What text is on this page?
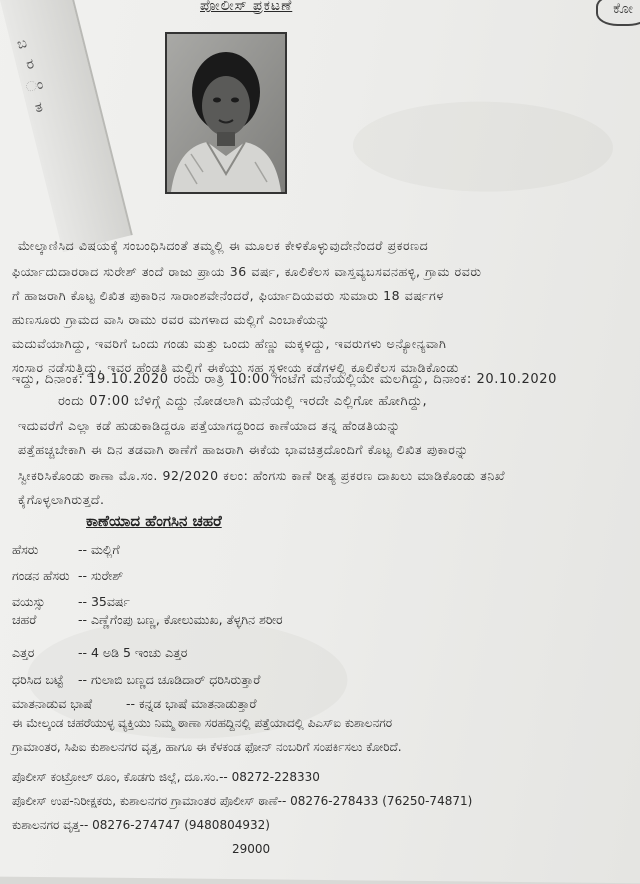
ಬ
ರ
ಂ
ತ
ಕೋ
ಪೋಲೀಸ್ ಪ್ರಕಟಣೆ
ಮೇಲ್ಕಾಣಿಸಿದ ವಿಷಯಕ್ಕೆ ಸಂಬಂಧಿಸಿದಂತೆ ತಮ್ಮಲ್ಲಿ ಈ ಮೂಲಕ ಕೇಳಿಕೊಳ್ಳುವುದೇನೆಂದರೆ ಪ್ರಕರಣದ
ಫಿರ್ಯಾದುದಾರರಾದ ಸುರೇಶ್ ತಂದೆ ರಾಜು ಪ್ರಾಯ 36 ವರ್ಷ, ಕೂಲಿಕೆಲಸ ವಾಸ್ತವ್ಯಬಸವನಹಳ್ಳಿ, ಗ್ರಾಮ ರವರು
ಗೆ ಹಾಜರಾಗಿ ಕೊಟ್ಟ ಲಿಖಿತ ಪುಕಾರಿನ ಸಾರಾಂಶವೇನೆಂದರೆ, ಫಿರ್ಯಾದಿಯವರು ಸುಮಾರು 18 ವರ್ಷಗಳ
ಹುಣಸೂರು ಗ್ರಾಮದ ವಾಸಿ ರಾಮು ರವರ ಮಗಳಾದ ಮಲ್ಲಿಗೆ ಎಂಬಾಕೆಯನ್ನು
ಮದುವೆಯಾಗಿದ್ದು, ಇವರಿಗೆ ಒಂದು ಗಂಡು ಮತ್ತು ಒಂದು ಹೆಣ್ಣು ಮಕ್ಕಳಿದ್ದು, ಇವರುಗಳು ಅನ್ಯೋನ್ಯವಾಗಿ
ಸಂಸಾರ ನಡೆಸುತ್ತಿದ್ದು, ಇವರ ಹೆಂಡತಿ ಮಲ್ಲಿಗೆ ಈಕೆಯು ಸಹ ಸ್ಥಳೀಯ ಕಡೆಗಳಲ್ಲಿ ಕೂಲಿಕೆಲಸ ಮಾಡಿಕೊಂಡು
ಇದ್ದು, ದಿನಾಂಕ: 19.10.2020 ರಂದು ರಾತ್ರಿ 10:00 ಗಂಟೆಗೆ ಮನೆಯಲ್ಲಿಯೇ ಮಲಗಿದ್ದು, ದಿನಾಂಕ: 20.10.2020
ರಂದು 07:00 ಬೆಳಿಗ್ಗೆ ಎದ್ದು ನೋಡಲಾಗಿ ಮನೆಯಲ್ಲಿ ಇರದೇ ಎಲ್ಲಿಗೋ ಹೋಗಿದ್ದು,
ಇದುವರೆಗೆ ಎಲ್ಲಾ ಕಡೆ ಹುಡುಕಾಡಿದ್ದರೂ ಪತ್ತೆಯಾಗದ್ದರಿಂದ ಕಾಣೆಯಾದ ತನ್ನ ಹೆಂಡತಿಯನ್ನು
ಪತ್ತೆಹಚ್ಚಬೇಕಾಗಿ ಈ ದಿನ ತಡವಾಗಿ ಠಾಣೆಗೆ ಹಾಜರಾಗಿ ಈಕೆಯ ಭಾವಚಿತ್ರದೊಂದಿಗೆ ಕೊಟ್ಟ ಲಿಖಿತ ಪುಕಾರನ್ನು
ಸ್ವೀಕರಿಸಿಕೊಂಡು ಠಾಣಾ ಮೊ.ಸಂ. 92/2020 ಕಲಂ: ಹೆಂಗಸು ಕಾಣೆ ರೀತ್ಯ ಪ್ರಕರಣ ದಾಖಲು ಮಾಡಿಕೊಂಡು ತನಿಖೆ
ಕೈಗೊಳ್ಳಲಾಗಿರುತ್ತದೆ.
ಕಾಣೆಯಾದ ಹೆಂಗಸಿನ ಚಹರೆ
ಹೆಸರು	-- ಮಲ್ಲಿಗೆ
ಗಂಡನ ಹೆಸರು -- ಸುರೇಶ್
ವಯಸ್ಸು	-- 35ವರ್ಷ
ಚಹರೆ	-- ಎಣ್ಣೆಗೆಂಪು ಬಣ್ಣ, ಕೋಲುಮುಖ, ತೆಳ್ಳಗಿನ ಶರೀರ
ಎತ್ತರ	-- 4 ಅಡಿ 5 ಇಂಚು ಎತ್ತರ
ಧರಿಸಿದ ಬಟ್ಟೆ -- ಗುಲಾಬಿ ಬಣ್ಣದ ಚೂಡಿದಾರ್ ಧರಿಸಿರುತ್ತಾರೆ
ಮಾತನಾಡುವ ಭಾಷೆ	-- ಕನ್ನಡ ಭಾಷೆ ಮಾತನಾಡುತ್ತಾರೆ
ಈ ಮೇಲ್ಕಂಡ ಚಹರೆಯುಳ್ಳ ವ್ಯಕ್ತಿಯು ನಿಮ್ಮ ಠಾಣಾ ಸರಹದ್ದಿನಲ್ಲಿ ಪತ್ತೆಯಾದಲ್ಲಿ ಪಿಎಸ್ಐ ಕುಶಾಲನಗರ
ಗ್ರಾಮಾಂತರ, ಸಿಪಿಐ ಕುಶಾಲನಗರ ವೃತ್ತ, ಹಾಗೂ ಈ ಕೆಳಕಂಡ ಫೋನ್ ನಂಬರಿಗೆ ಸಂಪರ್ಕಿಸಲು ಕೋರಿದೆ.
ಪೊಲೀಸ್ ಕಂಟ್ರೋಲ್ ರೂಂ, ಕೊಡಗು ಜಿಲ್ಲೆ, ದೂ.ಸಂ.-- 08272-228330
ಪೊಲೀಸ್ ಉಪ-ನಿರೀಕ್ಷಕರು, ಕುಶಾಲನಗರ ಗ್ರಾಮಾಂತರ ಪೊಲೀಸ್ ಠಾಣೆ-- 08276-278433 (76250-74871)
ಕುಶಾಲನಗರ ವೃತ್ತ-- 08276-274747 (9480804932)
29000
